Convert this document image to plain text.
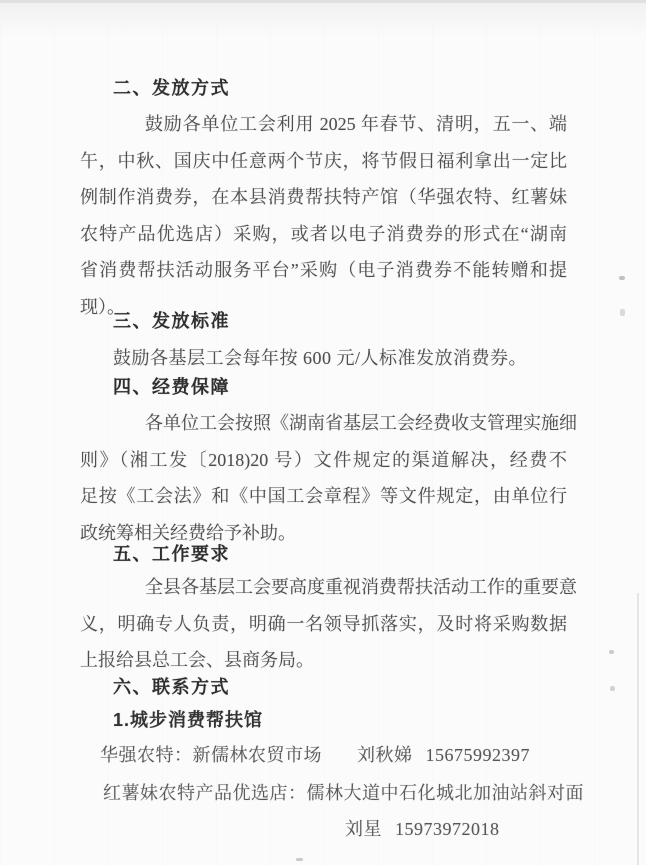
二、发放方式
鼓励各单位工会利用 2025 年春节、清明，五一、端
午，中秋、国庆中任意两个节庆，将节假日福利拿出一定比
例制作消费券，在本县消费帮扶特产馆（华强农特、红薯妹
农特产品优选店）采购，或者以电子消费券的形式在“湖南
省消费帮扶活动服务平台”采购（电子消费券不能转赠和提
现）。
三、发放标准
鼓励各基层工会每年按 600 元/人标准发放消费券。
四、经费保障
各单位工会按照《湖南省基层工会经费收支管理实施细
则》（湘工发〔2018)20 号）文件规定的渠道解决，经费不
足按《工会法》和《中国工会章程》等文件规定，由单位行
政统筹相关经费给予补助。
五、工作要求
全县各基层工会要高度重视消费帮扶活动工作的重要意
义，明确专人负责，明确一名领导抓落实，及时将采购数据
上报给县总工会、县商务局。
六、联系方式
1.城步消费帮扶馆
华强农特：新儒林农贸市场 刘秋娣 15675992397
红薯妹农特产品优选店：儒林大道中石化城北加油站斜对面
刘星 15973972018
